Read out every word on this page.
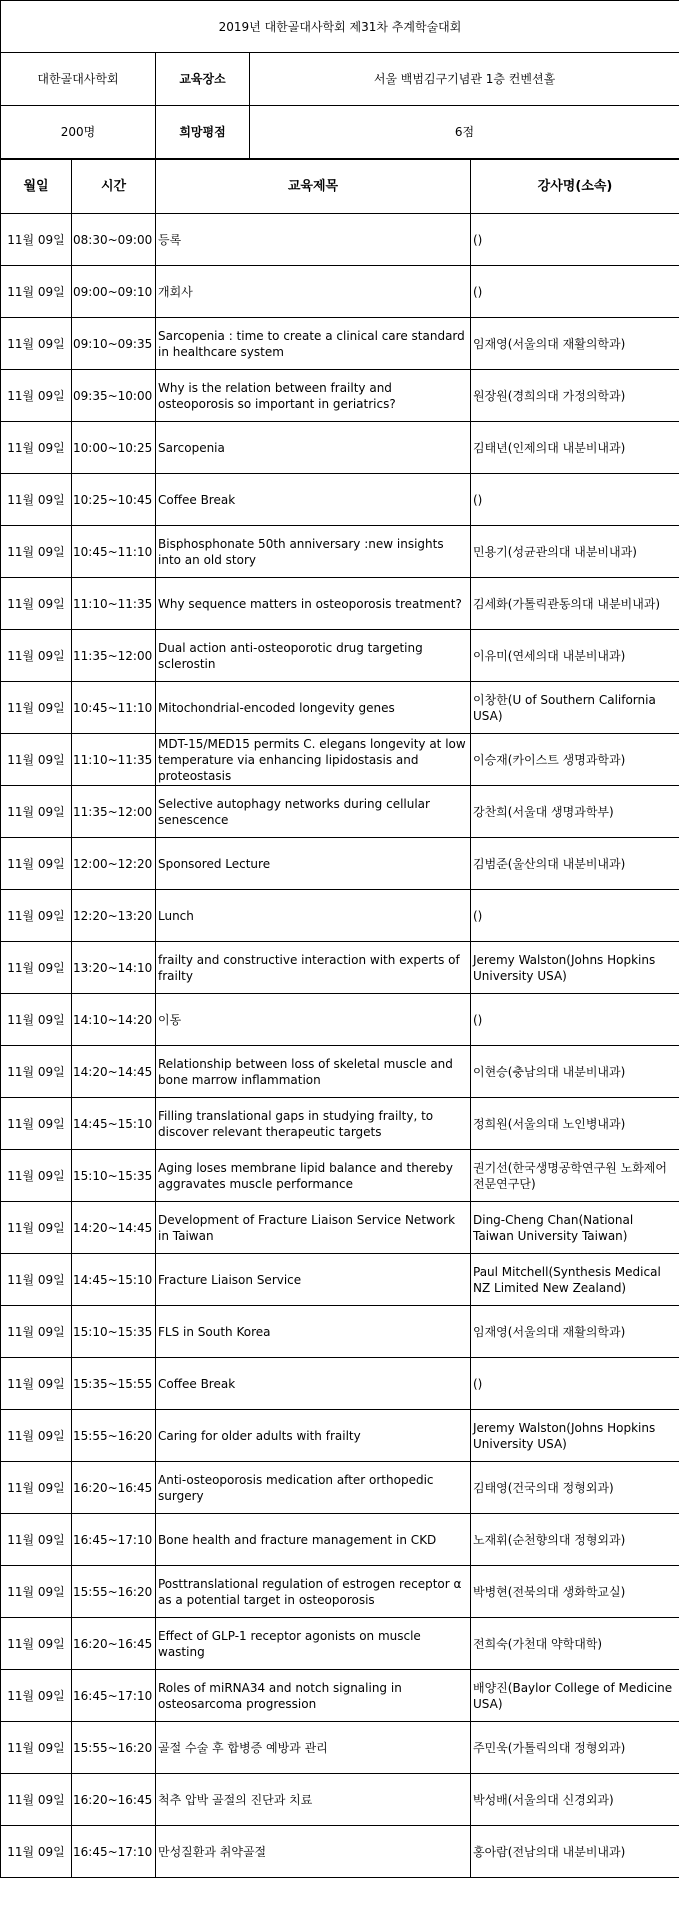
2019년 대한골대사학회 제31차 추계학술대회		
대한골대사학회	교육장소	서울 백범김구기념관 1층 컨벤션홀
200명	희망평점	6점
월일	시간	교육제목	강사명(소속)
11월 09일	08:30~09:00	등록	()
11월 09일	09:00~09:10	개회사	()
11월 09일	09:10~09:35	Sarcopenia : time to create a clinical care standard in healthcare system	임재영(서울의대 재활의학과)
11월 09일	09:35~10:00	Why is the relation between frailty and osteoporosis so important in geriatrics?	원장원(경희의대 가정의학과)
11월 09일	10:00~10:25	Sarcopenia	김태년(인제의대 내분비내과)
11월 09일	10:25~10:45	Coffee Break	()
11월 09일	10:45~11:10	Bisphosphonate 50th anniversary :new insights into an old story	민용기(성균관의대 내분비내과)
11월 09일	11:10~11:35	Why sequence matters in osteoporosis treatment?	김세화(가톨릭관동의대 내분비내과)
11월 09일	11:35~12:00	Dual action anti-osteoporotic drug targeting sclerostin	이유미(연세의대 내분비내과)
11월 09일	10:45~11:10	Mitochondrial-encoded longevity genes	이창한(U of Southern California USA)
11월 09일	11:10~11:35	MDT-15/MED15 permits C. elegans longevity at low temperature via enhancing lipidostasis and proteostasis	이승재(카이스트 생명과학과)
11월 09일	11:35~12:00	Selective autophagy networks during cellular senescence	강찬희(서울대 생명과학부)
11월 09일	12:00~12:20	Sponsored Lecture	김범준(울산의대 내분비내과)
11월 09일	12:20~13:20	Lunch	()
11월 09일	13:20~14:10	frailty and constructive interaction with experts of frailty	Jeremy Walston(Johns Hopkins University USA)
11월 09일	14:10~14:20	이동	()
11월 09일	14:20~14:45	Relationship between loss of skeletal muscle and bone marrow inflammation	이현승(충남의대 내분비내과)
11월 09일	14:45~15:10	Filling translational gaps in studying frailty, to discover relevant therapeutic targets	정희원(서울의대 노인병내과)
11월 09일	15:10~15:35	Aging loses membrane lipid balance and thereby aggravates muscle performance	권기선(한국생명공학연구원 노화제어전문연구단)
11월 09일	14:20~14:45	Development of Fracture Liaison Service Network in Taiwan	Ding-Cheng Chan(National Taiwan University Taiwan)
11월 09일	14:45~15:10	Fracture Liaison Service	Paul Mitchell(Synthesis Medical NZ Limited New Zealand)
11월 09일	15:10~15:35	FLS in South Korea	임재영(서울의대 재활의학과)
11월 09일	15:35~15:55	Coffee Break	()
11월 09일	15:55~16:20	Caring for older adults with frailty	Jeremy Walston(Johns Hopkins University USA)
11월 09일	16:20~16:45	Anti-osteoporosis medication after orthopedic surgery	김태영(건국의대 정형외과)
11월 09일	16:45~17:10	Bone health and fracture management in CKD	노재휘(순천향의대 정형외과)
11월 09일	15:55~16:20	Posttranslational regulation of estrogen receptor α as a potential target in osteoporosis	박병현(전북의대 생화학교실)
11월 09일	16:20~16:45	Effect of GLP-1 receptor agonists on muscle wasting	전희숙(가천대 약학대학)
11월 09일	16:45~17:10	Roles of miRNA34 and notch signaling in osteosarcoma progression	배양진(Baylor College of Medicine USA)
11월 09일	15:55~16:20	골절 수술 후 합병증 예방과 관리	주민욱(가톨릭의대 정형외과)
11월 09일	16:20~16:45	척추 압박 골절의 진단과 치료	박성배(서울의대 신경외과)
11월 09일	16:45~17:10	만성질환과 취약골절	홍아람(전남의대 내분비내과)
